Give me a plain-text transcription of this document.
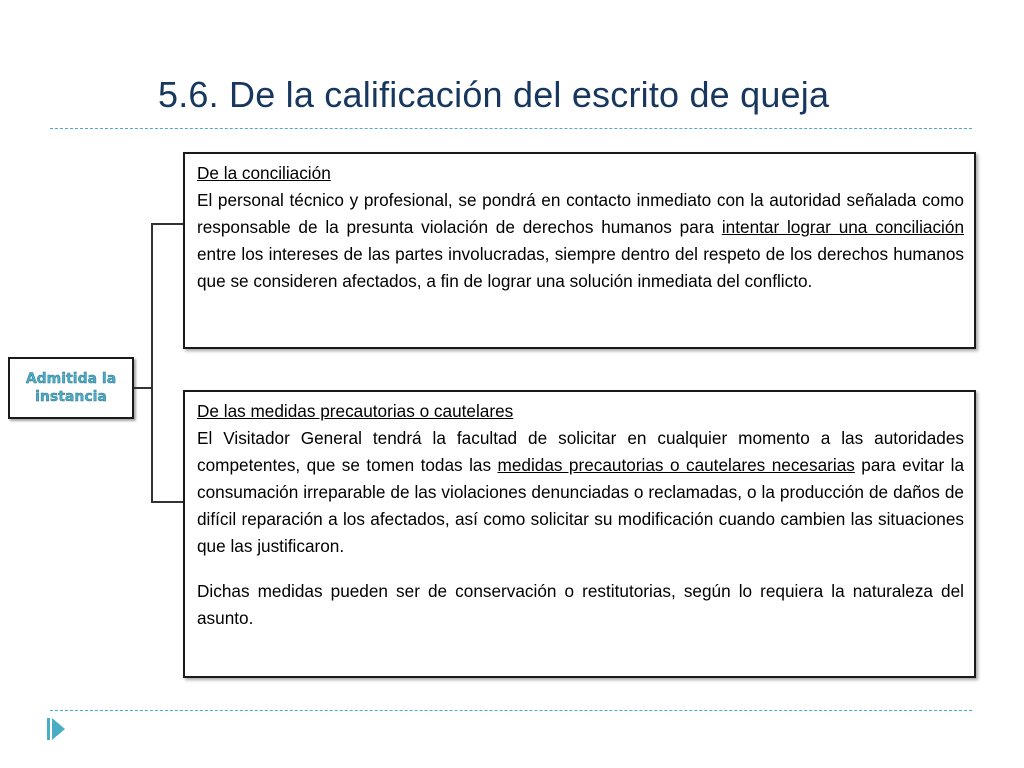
5.6. De la calificación del escrito de queja
Admitida la
instancia
De la conciliación

El personal técnico y profesional, se pondrá en contacto inmediato con la autoridad señalada como responsable de la presunta violación de derechos humanos para intentar lograr una conciliación entre los intereses de las partes involucradas, siempre dentro del respeto de los derechos humanos que se consideren afectados, a fin de lograr una solución inmediata del conflicto.

De las medidas precautorias o cautelares

El Visitador General tendrá la facultad de solicitar en cualquier momento a las autoridades competentes, que se tomen todas las medidas precautorias o cautelares necesarias para evitar la consumación irreparable de las violaciones denunciadas o reclamadas, o la producción de daños de difícil reparación a los afectados, así como solicitar su modificación cuando cambien las situaciones que las justificaron.

Dichas medidas pueden ser de conservación o restitutorias, según lo requiera la naturaleza del asunto.
